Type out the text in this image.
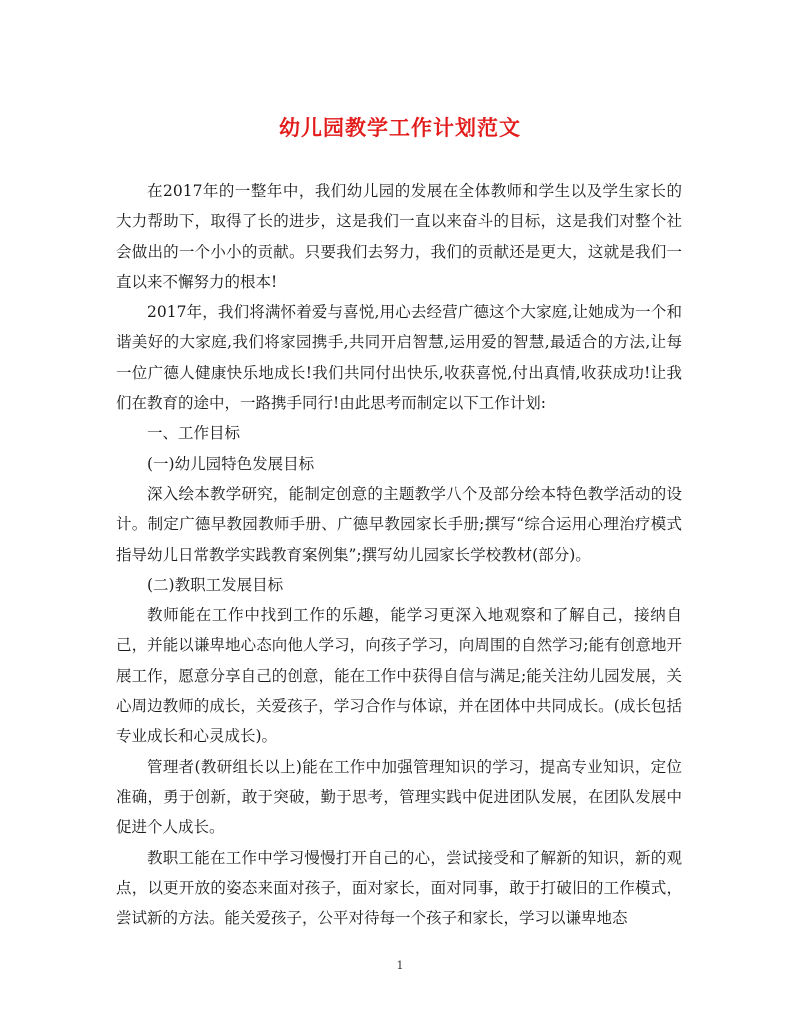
幼儿园教学工作计划范文

在2017年的一整年中，我们幼儿园的发展在全体教师和学生以及学生家长的大力帮助下，取得了长的进步，这是我们一直以来奋斗的目标，这是我们对整个社会做出的一个小小的贡献。只要我们去努力，我们的贡献还是更大，这就是我们一直以来不懈努力的根本!

2017年，我们将满怀着爱与喜悦,用心去经营广德这个大家庭,让她成为一个和谐美好的大家庭,我们将家园携手,共同开启智慧,运用爱的智慧,最适合的方法,让每一位广德人健康快乐地成长!我们共同付出快乐,收获喜悦,付出真情,收获成功!让我们在教育的途中，一路携手同行!由此思考而制定以下工作计划:

一、工作目标

(一)幼儿园特色发展目标

深入绘本教学研究，能制定创意的主题教学八个及部分绘本特色教学活动的设计。制定广德早教园教师手册、广德早教园家长手册;撰写“综合运用心理治疗模式指导幼儿日常教学实践教育案例集”;撰写幼儿园家长学校教材(部分)。

(二)教职工发展目标

教师能在工作中找到工作的乐趣，能学习更深入地观察和了解自己，接纳自己，并能以谦卑地心态向他人学习，向孩子学习，向周围的自然学习;能有创意地开展工作，愿意分享自己的创意，能在工作中获得自信与满足;能关注幼儿园发展，关心周边教师的成长，关爱孩子，学习合作与体谅，并在团体中共同成长。(成长包括专业成长和心灵成长)。

管理者(教研组长以上)能在工作中加强管理知识的学习，提高专业知识，定位准确，勇于创新，敢于突破，勤于思考，管理实践中促进团队发展，在团队发展中促进个人成长。

教职工能在工作中学习慢慢打开自己的心，尝试接受和了解新的知识，新的观点，以更开放的姿态来面对孩子，面对家长，面对同事，敢于打破旧的工作模式，尝试新的方法。能关爱孩子，公平对待每一个孩子和家长，学习以谦卑地态

1
